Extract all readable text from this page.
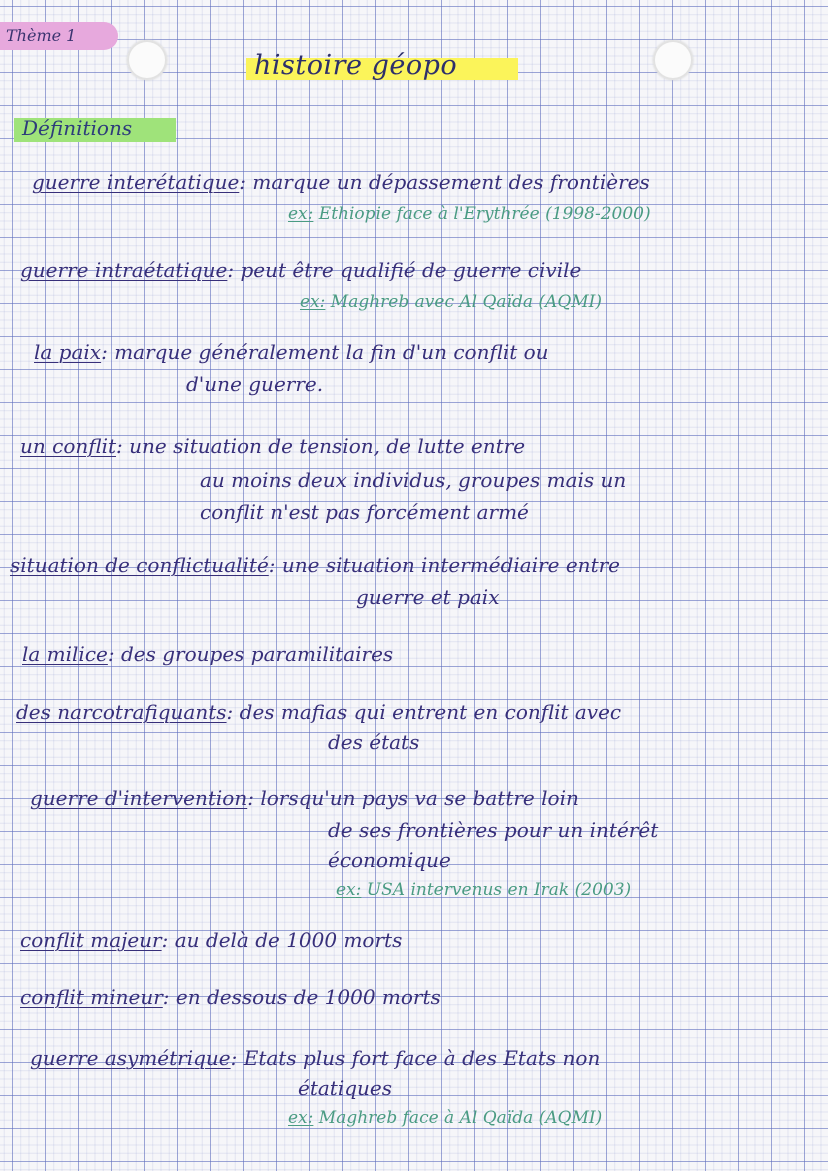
Thème 1
histoire géopo
Définitions
guerre interétatique: marque un dépassement des frontières
ex: Ethiopie face à l'Erythrée (1998-2000)
guerre intraétatique: peut être qualifié de guerre civile
ex: Maghreb avec Al Qaïda (AQMI)
la paix: marque généralement la fin d'un conflit ou
d'une guerre.
un conflit: une situation de tension, de lutte entre
au moins deux individus, groupes mais un
conflit n'est pas forcément armé
situation de conflictualité: une situation intermédiaire entre
guerre et paix
la milice: des groupes paramilitaires
des narcotrafiquants: des mafias qui entrent en conflit avec
des états
guerre d'intervention: lorsqu'un pays va se battre loin
de ses frontières pour un intérêt
économique
ex: USA intervenus en Irak (2003)
conflit majeur: au delà de 1000 morts
conflit mineur: en dessous de 1000 morts
guerre asymétrique: Etats plus fort face à des Etats non
étatiques
ex: Maghreb face à Al Qaïda (AQMI)
